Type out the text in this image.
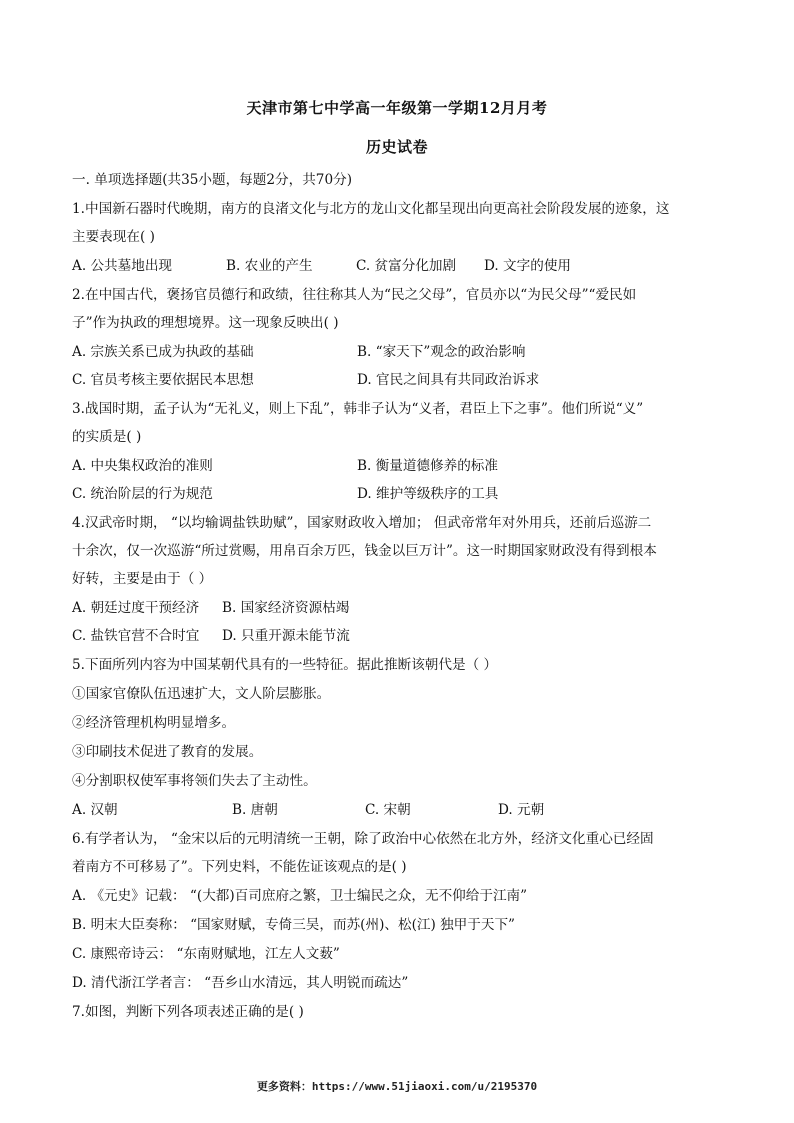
天津市第七中学高一年级第一学期12月月考
历史试卷
一. 单项选择题(共35小题，每题2分，共70分)
1.中国新石器时代晚期，南方的良渚文化与北方的龙山文化都呈现出向更高社会阶段发展的迹象，这
主要表现在( )
A. 公共墓地出现	B. 农业的产生	C. 贫富分化加剧 D. 文字的使用
2.在中国古代，褒扬官员德行和政绩，往往称其人为“民之父母”，官员亦以“为民父母”“爱民如
子”作为执政的理想境界。这一现象反映出( )
A. 宗族关系已成为执政的基础	B. “家天下”观念的政治影响
C. 官员考核主要依据民本思想	D. 官民之间具有共同政治诉求
3.战国时期，孟子认为“无礼义，则上下乱”，韩非子认为“义者，君臣上下之事”。他们所说“义”
的实质是( )
A. 中央集权政治的准则	B. 衡量道德修养的标准
C. 统治阶层的行为规范	D. 维护等级秩序的工具
4.汉武帝时期， “以均输调盐铁助赋”，国家财政收入增加； 但武帝常年对外用兵，还前后巡游二
十余次，仅一次巡游“所过赏赐，用帛百余万匹，钱金以巨万计”。这一时期国家财政没有得到根本
好转，主要是由于（ ）
A. 朝廷过度干预经济 B. 国家经济资源枯竭
C. 盐铁官营不合时宜 D. 只重开源未能节流
5.下面所列内容为中国某朝代具有的一些特征。据此推断该朝代是（ ）
①国家官僚队伍迅速扩大，文人阶层膨胀。
②经济管理机构明显增多。
③印刷技术促进了教育的发展。
④分割职权使军事将领们失去了主动性。
A. 汉朝	B. 唐朝	C. 宋朝	D. 元朝
6.有学者认为， “金宋以后的元明清统一王朝，除了政治中心依然在北方外，经济文化重心已经固
着南方不可移易了”。下列史料，不能佐证该观点的是( )
A. 《元史》记载： “(大都)百司庶府之繁，卫士编民之众，无不仰给于江南”
B. 明末大臣奏称： “国家财赋，专倚三吴，而苏(州)、松(江) 独甲于天下”
C. 康熙帝诗云： “东南财赋地，江左人文薮”
D. 清代浙江学者言： “吾乡山水清远，其人明锐而疏达”
7.如图，判断下列各项表述正确的是( )
更多资料：https://www.51jiaoxi.com/u/2195370
